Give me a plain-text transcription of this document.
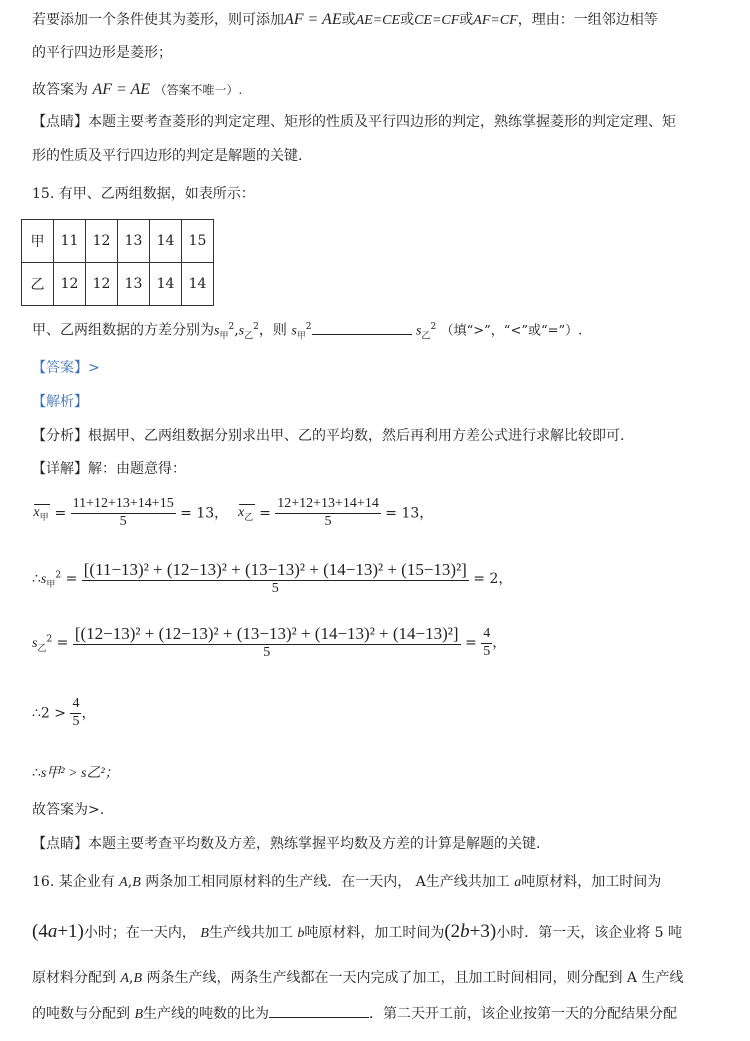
若要添加一个条件使其为菱形，则可添加AF = AE或AE=CE或CE=CF或AF=CF，理由：一组邻边相等
的平行四边形是菱形；
故答案为 AF = AE （答案不唯一）.
【点睛】本题主要考查菱形的判定定理、矩形的性质及平行四边形的判定，熟练掌握菱形的判定定理、矩
形的性质及平行四边形的判定是解题的关键.
15. 有甲、乙两组数据，如表所示：
甲	11	12	13	14	15
乙	12	12	13	14	14
甲、乙两组数据的方差分别为$s_甲^2,s_乙^2$，则 $s_甲^2$	$s_乙^2$ （填“>”，“<”或“=”）.
【答案】>
【解析】
【分析】根据甲、乙两组数据分别求出甲、乙的平均数，然后再利用方差公式进行求解比较即可.
【详解】解：由题意得：
$x_甲 = \frac{11+12+13+14+15}{5} = 13$， $x_乙 = \frac{12+12+13+14+14}{5} = 13$，
$\therefore s_甲^2 = \frac{\text{[(11−13)² + (12−13)² + (13−13)² + (14−13)² + (15−13)²]}}{5} = 2$，
$s_乙^2 = \frac{\text{[(12−13)² + (12−13)² + (13−13)² + (14−13)² + (14−13)²]}}{5} = \frac{4}{5}$ ，
∴2 > $\frac{4}{5}$ ，
∴s甲² > s乙²；
故答案为>.
【点睛】本题主要考查平均数及方差，熟练掌握平均数及方差的计算是解题的关键.
16. 某企业有 A,B 两条加工相同原材料的生产线．在一天内， A生产线共加工 a吨原材料，加工时间为
(4a+1)小时；在一天内， B生产线共加工 b吨原材料，加工时间为(2b+3)小时．第一天，该企业将 5 吨
原材料分配到 A,B 两条生产线，两条生产线都在一天内完成了加工，且加工时间相同，则分配到 A 生产线
的吨数与分配到 B生产线的吨数的比为	．第二天开工前，该企业按第一天的分配结果分配
